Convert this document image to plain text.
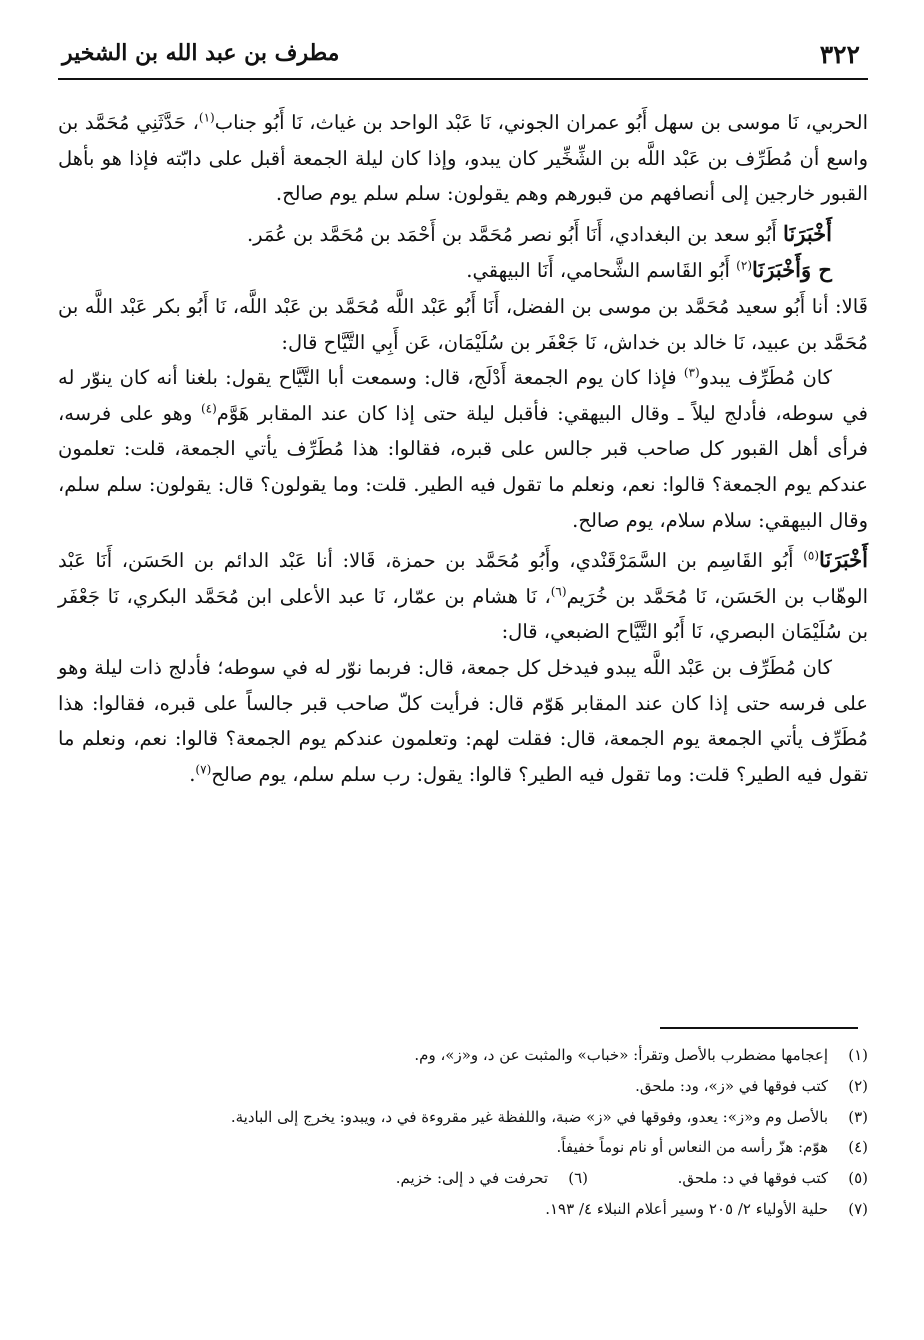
٣٢٢
مطرف بن عبد الله بن الشخير

الحربي، نَا موسى بن سهل أَبُو عمران الجوني، نَا عَبْد الواحد بن غياث، نَا أَبُو جناب$^{(١)}$، حَدَّثَنِي مُحَمَّد بن واسع أن مُطَرِّف بن عَبْد اللَّه بن الشِّخِّير كان يبدو، وإذا كان ليلة الجمعة أقبل على دابّته فإذا هو بأهل القبور خارجين إلى أنصافهم من قبورهم وهم يقولون: سلم سلم يوم صالح.

أَخْبَرَنَا أَبُو سعد بن البغدادي، أَنَا أَبُو نصر مُحَمَّد بن أَحْمَد بن مُحَمَّد بن عُمَر.

ح وَأَخْبَرَنَا$^{(٢)}$ أَبُو القَاسم الشَّحامي، أَنَا البيهقي.

قَالا: أنا أَبُو سعيد مُحَمَّد بن موسى بن الفضل، أَنَا أَبُو عَبْد اللَّه مُحَمَّد بن عَبْد اللَّه، نَا أَبُو بكر عَبْد اللَّه بن مُحَمَّد بن عبيد، نَا خالد بن خداش، نَا جَعْفَر بن سُلَيْمَان، عَن أَبِي التَّيَّاح قال:

كان مُطَرِّف يبدو$^{(٣)}$ فإذا كان يوم الجمعة أَدْلَج، قال: وسمعت أبا التَّيَّاح يقول: بلغنا أنه كان ينوّر له في سوطه، فأدلج ليلاً ـ وقال البيهقي: فأقبل ليلة حتى إذا كان عند المقابر هَوَّم$^{(٤)}$ وهو على فرسه، فرأى أهل القبور كل صاحب قبر جالس على قبره، فقالوا: هذا مُطَرِّف يأتي الجمعة، قلت: تعلمون عندكم يوم الجمعة؟ قالوا: نعم، ونعلم ما تقول فيه الطير. قلت: وما يقولون؟ قال: يقولون: سلم سلم، وقال البيهقي: سلام سلام، يوم صالح.

أَخْبَرَنَا$^{(٥)}$ أَبُو القَاسِم بن السَّمَرْقَنْدي، وأَبُو مُحَمَّد بن حمزة، قَالا: أنا عَبْد الدائم بن الحَسَن، أَنَا عَبْد الوهّاب بن الحَسَن، نَا مُحَمَّد بن خُرَيم$^{(٦)}$، نَا هشام بن عمّار، نَا عبد الأعلى ابن مُحَمَّد البكري، نَا جَعْفَر بن سُلَيْمَان البصري، نَا أَبُو التَّيَّاح الضبعي، قال:

كان مُطَرِّف بن عَبْد اللَّه يبدو فيدخل كل جمعة، قال: فربما نوّر له في سوطه؛ فأدلج ذات ليلة وهو على فرسه حتى إذا كان عند المقابر هَوّم قال: فرأيت كلّ صاحب قبر جالساً على قبره، فقالوا: هذا مُطَرِّف يأتي الجمعة يوم الجمعة، قال: فقلت لهم: وتعلمون عندكم يوم الجمعة؟ قالوا: نعم، ونعلم ما تقول فيه الطير؟ قلت: وما تقول فيه الطير؟ قالوا: يقول: رب سلم سلم، يوم صالح$^{(٧)}$.

(١)إعجامها مضطرب بالأصل وتقرأ: «خباب» والمثبت عن د، و«ز»، وم.
(٢)كتب فوقها في «ز»، ود: ملحق.
(٣)بالأصل وم و«ز»: يعدو، وفوقها في «ز» ضبة، واللفظة غير مقروءة في د، ويبدو: يخرج إلى البادية.
(٤)هوّم: هزّ رأسه من النعاس أو نام نوماً خفيفاً.
(٥)كتب فوقها في د: ملحق.(٦)تحرفت في د إلى: خزيم.
(٧)حلية الأولياء ٢/ ٢٠٥ وسير أعلام النبلاء ٤/ ١٩٣.
